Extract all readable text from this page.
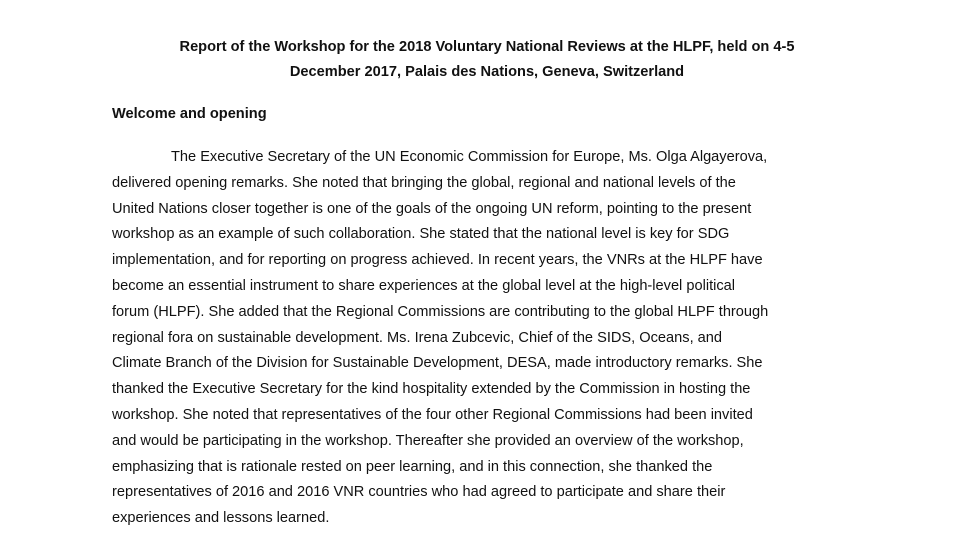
Report of the Workshop for the 2018 Voluntary National Reviews at the HLPF, held on 4-5
December 2017, Palais des Nations, Geneva, Switzerland
Welcome and opening

The Executive Secretary of the UN Economic Commission for Europe, Ms. Olga Algayerova,
delivered opening remarks. She noted that bringing the global, regional and national levels of the
United Nations closer together is one of the goals of the ongoing UN reform, pointing to the present
workshop as an example of such collaboration. She stated that the national level is key for SDG
implementation, and for reporting on progress achieved. In recent years, the VNRs at the HLPF have
become an essential instrument to share experiences at the global level at the high-level political
forum (HLPF). She added that the Regional Commissions are contributing to the global HLPF through
regional fora on sustainable development. Ms. Irena Zubcevic, Chief of the SIDS, Oceans, and
Climate Branch of the Division for Sustainable Development, DESA, made introductory remarks. She
thanked the Executive Secretary for the kind hospitality extended by the Commission in hosting the
workshop. She noted that representatives of the four other Regional Commissions had been invited
and would be participating in the workshop. Thereafter she provided an overview of the workshop,
emphasizing that is rationale rested on peer learning, and in this connection, she thanked the
representatives of 2016 and 2016 VNR countries who had agreed to participate and share their
experiences and lessons learned.
